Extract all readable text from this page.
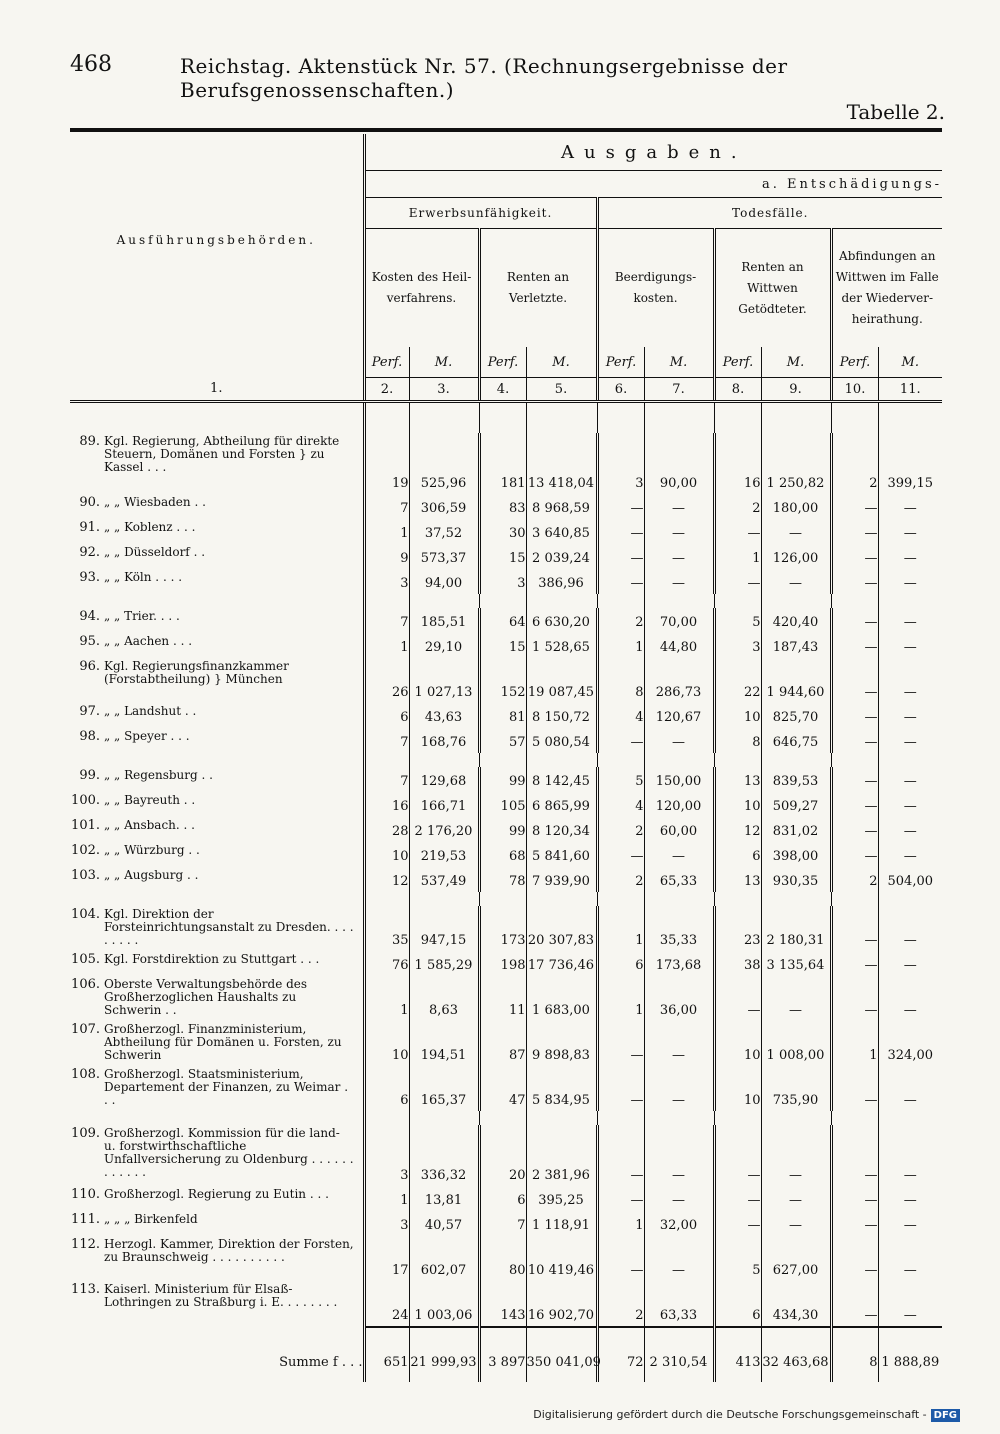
468	Reichstag. Aktenstück Nr. 57. (Rechnungsergebnisse der Berufsgenossenschaften.)
Tabelle 2.
Ausführungsbehörden.	Ausgaben.									
	a. Entschädigungs-									
	Erwerbsunfähigkeit.				Todesfälle.					
	Kosten des Heil- verfahrens.		Renten an Verletzte.		Beerdigungs- kosten.		Renten an Wittwen Getödteter.		Abfindungen an Wittwen im Falle der Wiederver- heirathung.	
	Perf.	M.	Perf.	M.	Perf.	M.	Perf.	M.	Perf.	M.
1.	2.	3.	4.	5.	6.	7.	8.	9.	10.	11.

89. Kgl. Regierung, Abtheilung für direkte Steuern, Domänen und Forsten } zu Kassel . . .	19	525,96	181	13 418,04	3	90,00	16	1 250,82	2	399,15
90. „ „ Wiesbaden . .	7	306,59	83	8 968,59	—	—	2	180,00	—	—
91. „ „ Koblenz . . .	1	37,52	30	3 640,85	—	—	—	—	—	—
92. „ „ Düsseldorf . .	9	573,37	15	2 039,24	—	—	1	126,00	—	—
93. „ „ Köln . . . .	3	94,00	3	386,96	—	—	—	—	—	—

94. „ „ Trier. . . .	7	185,51	64	6 630,20	2	70,00	5	420,40	—	—
95. „ „ Aachen . . .	1	29,10	15	1 528,65	1	44,80	3	187,43	—	—
96. Kgl. Regierungsfinanzkammer (Forstabtheilung) } München	26	1 027,13	152	19 087,45	8	286,73	22	1 944,60	—	—
97. „ „ Landshut . .	6	43,63	81	8 150,72	4	120,67	10	825,70	—	—
98. „ „ Speyer . . .	7	168,76	57	5 080,54	—	—	8	646,75	—	—

99. „ „ Regensburg . .	7	129,68	99	8 142,45	5	150,00	13	839,53	—	—
100. „ „ Bayreuth . .	16	166,71	105	6 865,99	4	120,00	10	509,27	—	—
101. „ „ Ansbach. . .	28	2 176,20	99	8 120,34	2	60,00	12	831,02	—	—
102. „ „ Würzburg . .	10	219,53	68	5 841,60	—	—	6	398,00	—	—
103. „ „ Augsburg . .	12	537,49	78	7 939,90	2	65,33	13	930,35	2	504,00

104. Kgl. Direktion der Forsteinrichtungsanstalt zu Dresden. . . . . . . . .	35	947,15	173	20 307,83	1	35,33	23	2 180,31	—	—
105. Kgl. Forstdirektion zu Stuttgart . . .	76	1 585,29	198	17 736,46	6	173,68	38	3 135,64	—	—
106. Oberste Verwaltungsbehörde des Großherzoglichen Haushalts zu Schwerin . .	1	8,63	11	1 683,00	1	36,00	—	—	—	—
107. Großherzogl. Finanzministerium, Abtheilung für Domänen u. Forsten, zu Schwerin	10	194,51	87	9 898,83	—	—	10	1 008,00	1	324,00
108. Großherzogl. Staatsministerium, Departement der Finanzen, zu Weimar . . .	6	165,37	47	5 834,95	—	—	10	735,90	—	—

109. Großherzogl. Kommission für die land- u. forstwirthschaftliche Unfallversicherung zu Oldenburg . . . . . . . . . . . .	3	336,32	20	2 381,96	—	—	—	—	—	—
110. Großherzogl. Regierung zu Eutin . . .	1	13,81	6	395,25	—	—	—	—	—	—
111. „ „ „ Birkenfeld	3	40,57	7	1 118,91	1	32,00	—	—	—	—
112. Herzogl. Kammer, Direktion der Forsten, zu Braunschweig . . . . . . . . . .	17	602,07	80	10 419,46	—	—	5	627,00	—	—
113. Kaiserl. Ministerium für Elsaß-Lothringen zu Straßburg i. E. . . . . . . .	24	1 003,06	143	16 902,70	2	63,33	6	434,30	—	—

Summe f . . .	651	21 999,93	3 897	350 041,09	72	2 310,54	413	32 463,68	8	1 888,89
Digitalisierung gefördert durch die Deutsche Forschungsgemeinschaft - DFG
